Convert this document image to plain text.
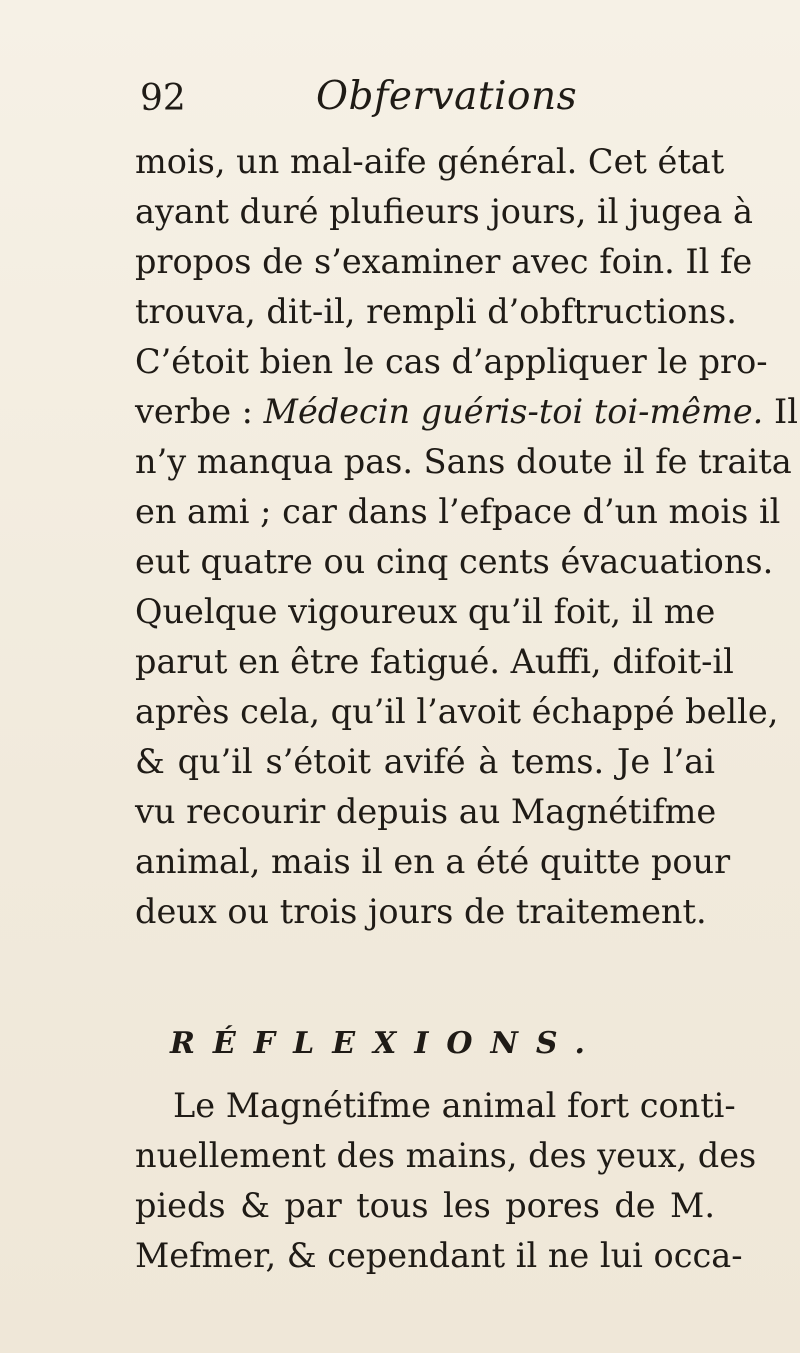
92	Obfervations
mois, un mal-aife général. Cet état
ayant duré plufieurs jours, il jugea à
propos de s’examiner avec foin. Il fe
trouva, dit-il, rempli d’obftructions.
C’étoit bien le cas d’appliquer le pro-
verbe : Médecin guéris-toi toi-même. Il
n’y manqua pas. Sans doute il fe traita
en ami ; car dans l’efpace d’un mois il
eut quatre ou cinq cents évacuations.
Quelque vigoureux qu’il foit, il me
parut en être fatigué. Auffi, difoit-il
après cela, qu’il l’avoit échappé belle,
& qu’il s’étoit avifé à tems. Je l’ai
vu recourir depuis au Magnétifme
animal, mais il en a été quitte pour
deux ou trois jours de traitement.
RÉFLEXIONS.
Le Magnétifme animal fort conti-
nuellement des mains, des yeux, des
pieds & par tous les pores de M.
Mefmer, & cependant il ne lui occa-
